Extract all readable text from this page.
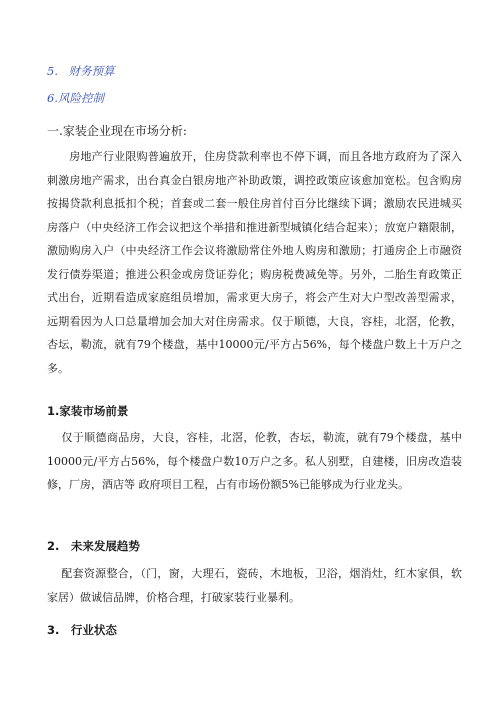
5. 财务预算
6.风险控制
一.家装企业现在市场分析:
房地产行业限购普遍放开，住房贷款利率也不停下调，而且各地方政府为了深入刺激房地产需求，出台真金白银房地产补助政策，调控政策应该愈加宽松。包含购房按揭贷款利息抵扣个税；首套或二套一般住房首付百分比继续下调；激励农民进城买房落户（中央经济工作会议把这个举措和推进新型城镇化结合起来）；放宽户籍限制，激励购房入户（中央经济工作会议将激励常住外地人购房和激励；打通房企上市融资发行债券渠道；推进公积金或房贷证券化；购房税费减免等。另外，二胎生育政策正式出台，近期看造成家庭组员增加，需求更大房子，将会产生对大户型改善型需求，远期看因为人口总量增加会加大对住房需求。仅于顺德，大良，容桂，北滘，伦教，杏坛，勒流，就有79个楼盘，基中10000元/平方占56%，每个楼盘户数上十万户之多。
1.家装市场前景
仅于顺德商品房，大良，容桂，北滘，伦教，杏坛，勒流，就有79个楼盘，基中10000元/平方占56%，每个楼盘户数10万户之多。私人别墅，自建楼，旧房改造装修，厂房，酒店等 政府项目工程，占有市场份额5%已能够成为行业龙头。
2.　未来发展趋势
配套资源整合，（门，窗，大理石，瓷砖，木地板，卫浴，烟消灶，红木家俱，软家居）做诚信品牌，价格合理，打破家装行业暴利。
3.　行业状态
